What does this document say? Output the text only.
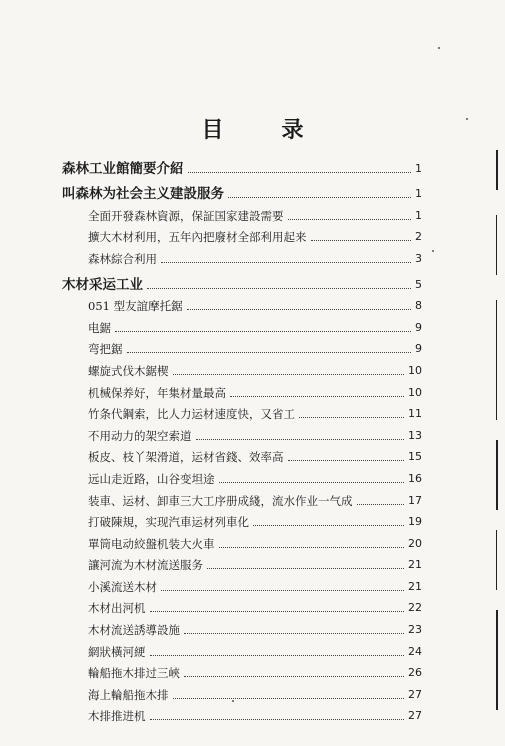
目	录
森林工业館簡要介紹	1
叫森林为社会主义建設服务	1
全面开發森林資源，保証国家建設需要	1
擴大木材利用，五年內把廢材全部利用起来	2
森林綜合利用	3
木材采运工业	5
051 型友誼摩托鋸	8
电鋸	9
弯把鋸	9
螺旋式伐木鋸楔	10
机械保养好，年集材量最高	10
竹条代鋼索，比人力运材速度快，又省工	11
不用动力的架空索道	13
板皮、枝丫架滑道，运材省錢、效率高	15
远山走近路，山谷变坦途	16
装車、运材、卸車三大工序册成綫，流水作业一气成	17
打破陳規，实现汽車运材列車化	19
單筒电动絞盤机装大火車	20
讓河流为木材流送服务	21
小溪流送木材	21
木材出河机	22
木材流送誘導設施	23
網狀橫河綆	24
輪船拖木排过三峽	26
海上輪船拖木排	27
木排推进机	27
